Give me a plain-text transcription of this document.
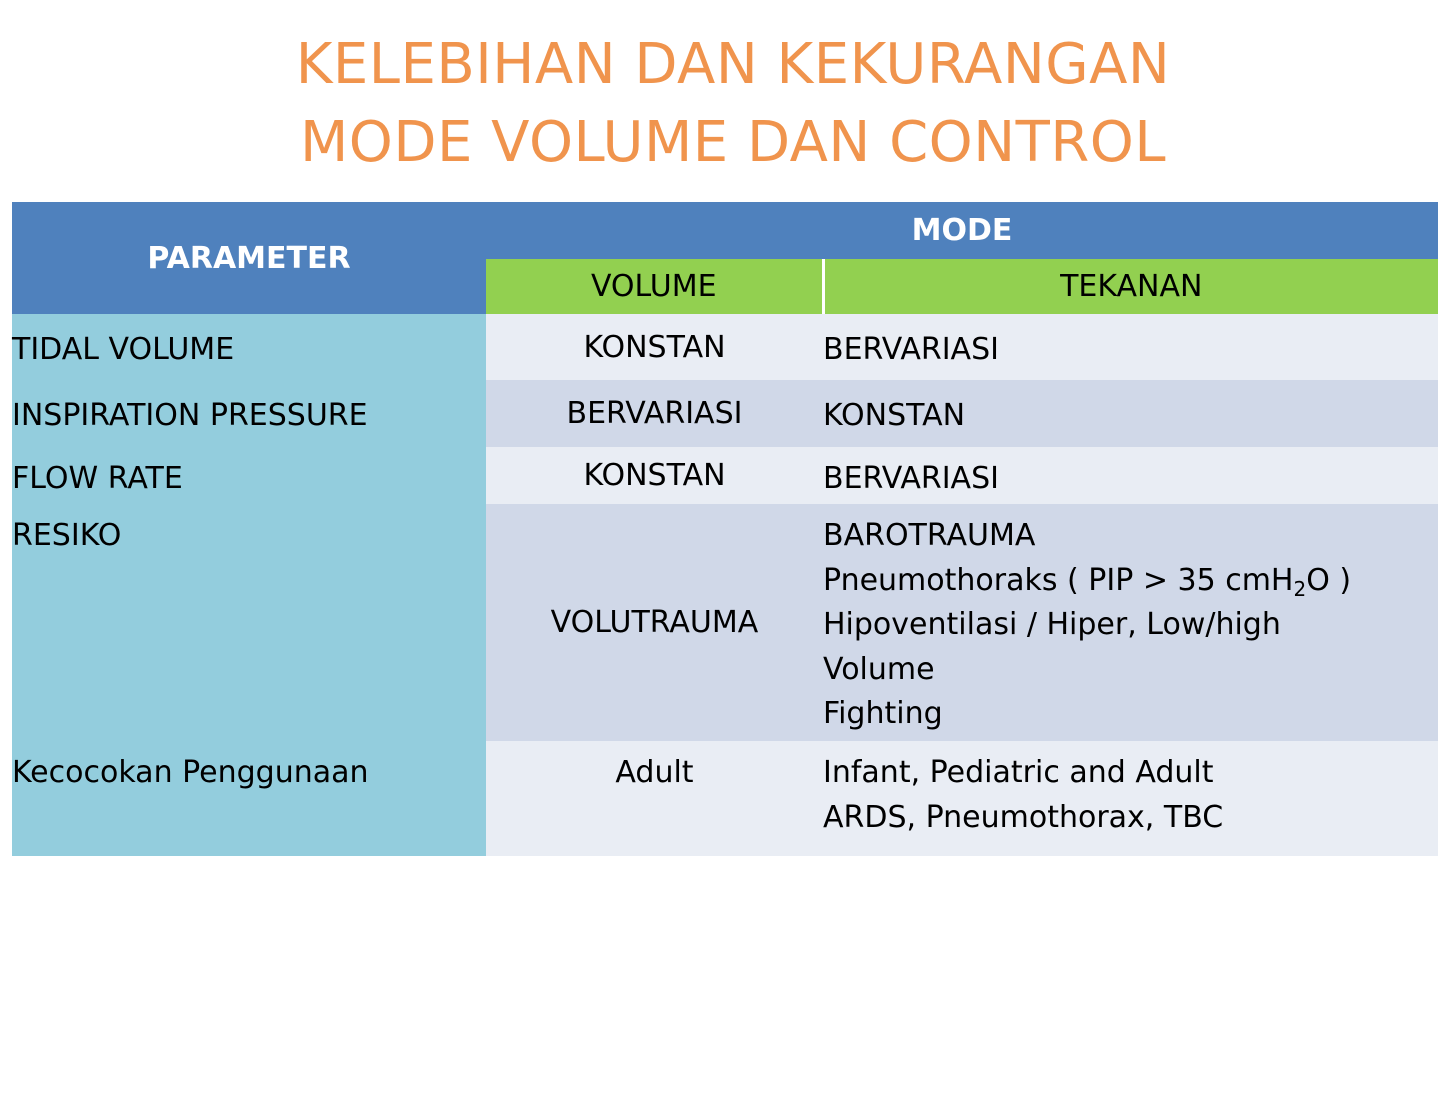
KELEBIHAN DAN KEKURANGAN
MODE VOLUME DAN CONTROL
PARAMETER	MODE	
	VOLUME	TEKANAN
TIDAL VOLUME	KONSTAN	BERVARIASI

INSPIRATION PRESSURE	BERVARIASI	KONSTAN

FLOW RATE	KONSTAN	BERVARIASI

RESIKO	VOLUTRAUMA	BAROTRAUMA
Pneumothoraks ( PIP > 35 cmH$_2$O )
Hipoventilasi / Hiper, Low/high
Volume
Fighting

Kecocokan Penggunaan	Adult	Infant, Pediatric and Adult
ARDS, Pneumothorax, TBC
